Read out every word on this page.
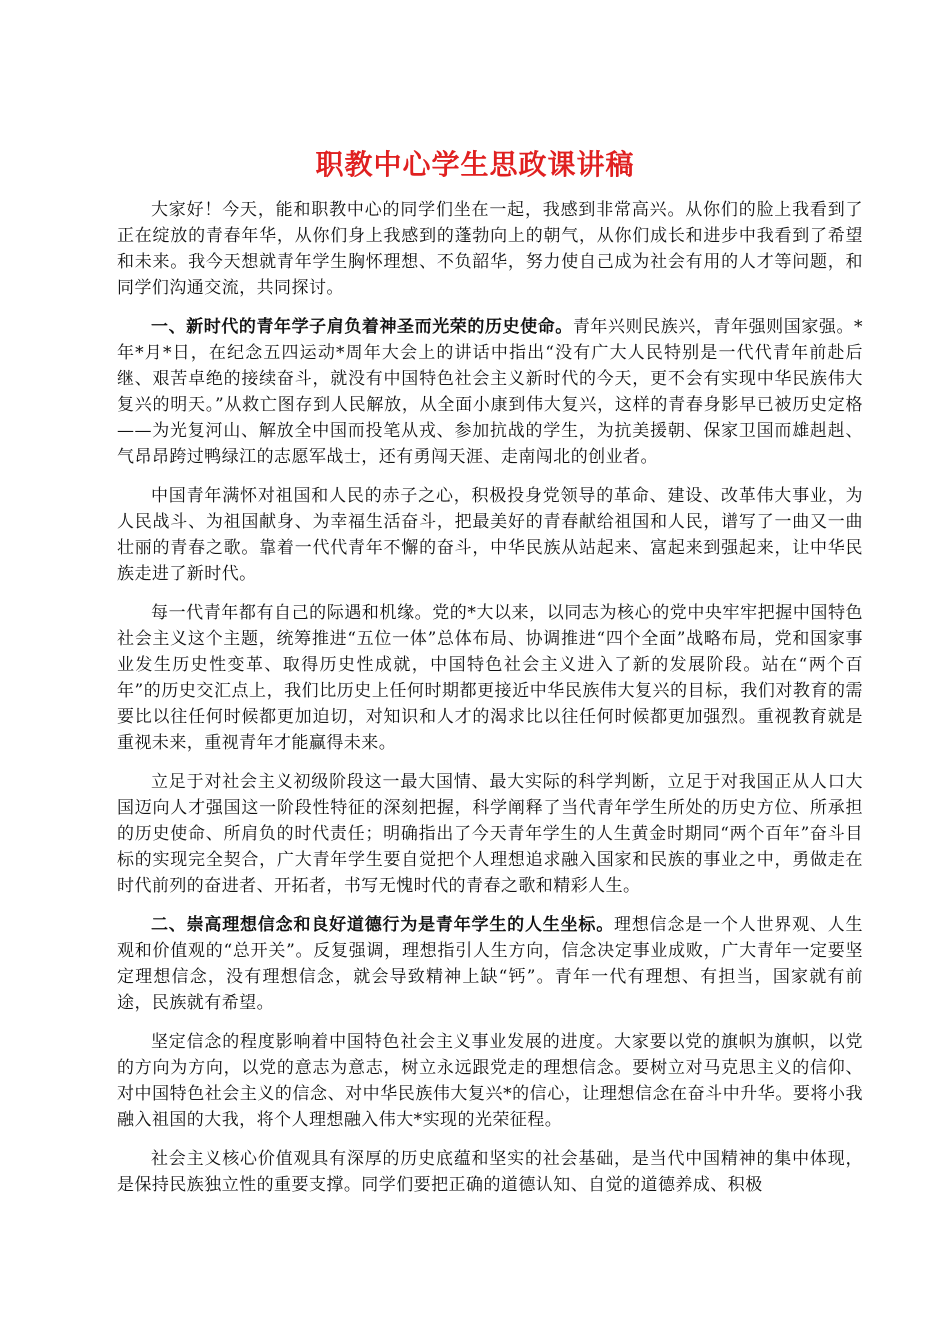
职教中心学生思政课讲稿

大家好！今天，能和职教中心的同学们坐在一起，我感到非常高兴。从你们的脸上我看到了正在绽放的青春年华，从你们身上我感到的蓬勃向上的朝气，从你们成长和进步中我看到了希望和未来。我今天想就青年学生胸怀理想、不负韶华，努力使自己成为社会有用的人才等问题，和同学们沟通交流，共同探讨。

一、新时代的青年学子肩负着神圣而光荣的历史使命。青年兴则民族兴，青年强则国家强。*年*月*日，在纪念五四运动*周年大会上的讲话中指出“没有广大人民特别是一代代青年前赴后继、艰苦卓绝的接续奋斗，就没有中国特色社会主义新时代的今天，更不会有实现中华民族伟大复兴的明天。”从救亡图存到人民解放，从全面小康到伟大复兴，这样的青春身影早已被历史定格——为光复河山、解放全中国而投笔从戎、参加抗战的学生，为抗美援朝、保家卫国而雄赳赳、气昂昂跨过鸭绿江的志愿军战士，还有勇闯天涯、走南闯北的创业者。

中国青年满怀对祖国和人民的赤子之心，积极投身党领导的革命、建设、改革伟大事业，为人民战斗、为祖国献身、为幸福生活奋斗，把最美好的青春献给祖国和人民，谱写了一曲又一曲壮丽的青春之歌。靠着一代代青年不懈的奋斗，中华民族从站起来、富起来到强起来，让中华民族走进了新时代。

每一代青年都有自己的际遇和机缘。党的*大以来，以同志为核心的党中央牢牢把握中国特色社会主义这个主题，统筹推进“五位一体”总体布局、协调推进“四个全面”战略布局，党和国家事业发生历史性变革、取得历史性成就，中国特色社会主义进入了新的发展阶段。站在“两个百年”的历史交汇点上，我们比历史上任何时期都更接近中华民族伟大复兴的目标，我们对教育的需要比以往任何时候都更加迫切，对知识和人才的渴求比以往任何时候都更加强烈。重视教育就是重视未来，重视青年才能赢得未来。

立足于对社会主义初级阶段这一最大国情、最大实际的科学判断，立足于对我国正从人口大国迈向人才强国这一阶段性特征的深刻把握，科学阐释了当代青年学生所处的历史方位、所承担的历史使命、所肩负的时代责任；明确指出了今天青年学生的人生黄金时期同“两个百年”奋斗目标的实现完全契合，广大青年学生要自觉把个人理想追求融入国家和民族的事业之中，勇做走在时代前列的奋进者、开拓者，书写无愧时代的青春之歌和精彩人生。

二、崇高理想信念和良好道德行为是青年学生的人生坐标。理想信念是一个人世界观、人生观和价值观的“总开关”。反复强调，理想指引人生方向，信念决定事业成败，广大青年一定要坚定理想信念，没有理想信念，就会导致精神上缺“钙”。青年一代有理想、有担当，国家就有前途，民族就有希望。

坚定信念的程度影响着中国特色社会主义事业发展的进度。大家要以党的旗帜为旗帜，以党的方向为方向，以党的意志为意志，树立永远跟党走的理想信念。要树立对马克思主义的信仰、对中国特色社会主义的信念、对中华民族伟大复兴*的信心，让理想信念在奋斗中升华。要将小我融入祖国的大我，将个人理想融入伟大*实现的光荣征程。

社会主义核心价值观具有深厚的历史底蕴和坚实的社会基础，是当代中国精神的集中体现，是保持民族独立性的重要支撑。同学们要把正确的道德认知、自觉的道德养成、积极
